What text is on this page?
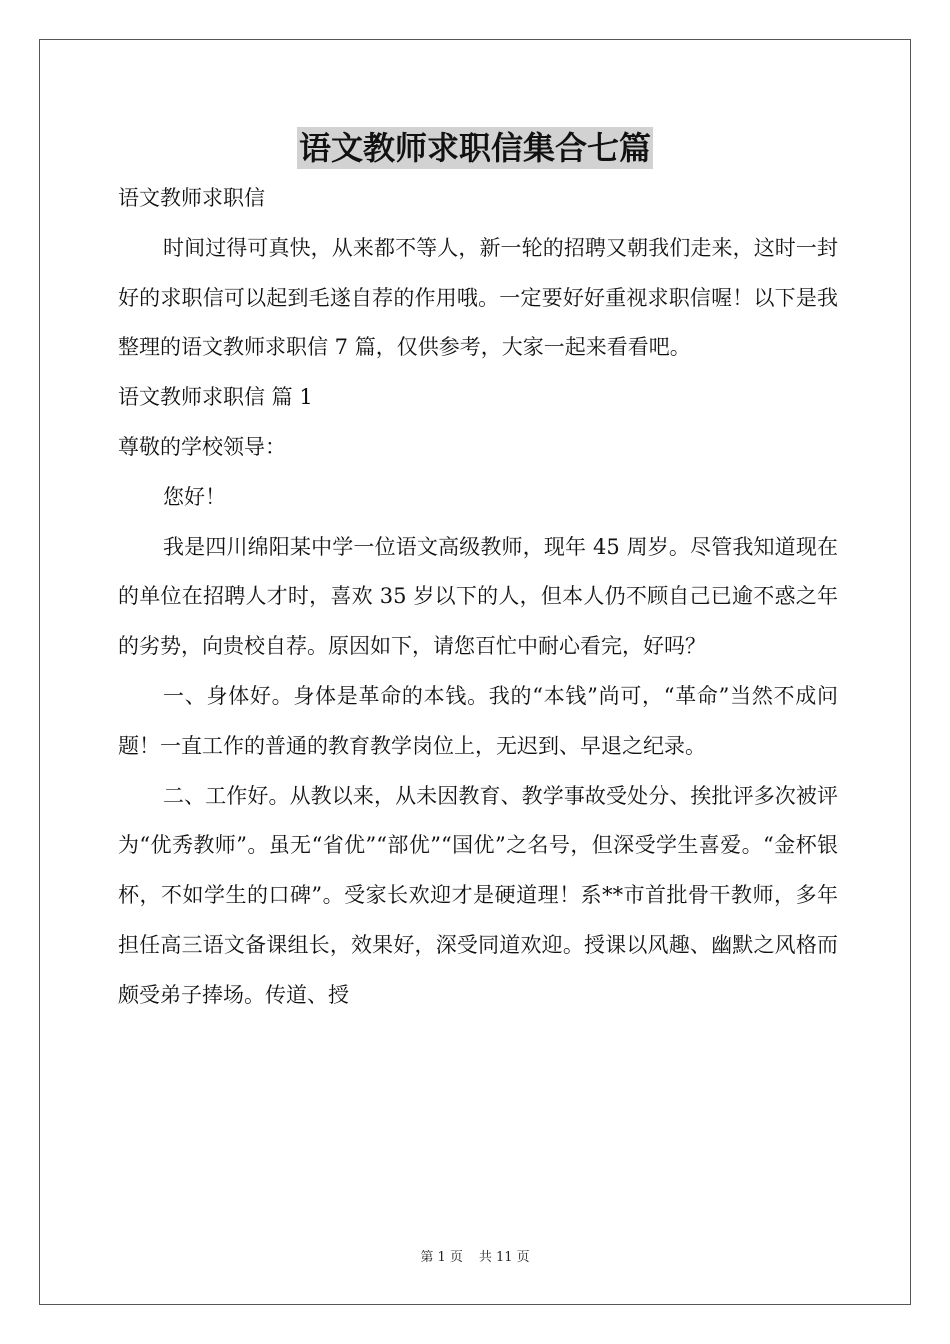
语文教师求职信集合七篇

语文教师求职信

时间过得可真快，从来都不等人，新一轮的招聘又朝我们走来，这时一封好的求职信可以起到毛遂自荐的作用哦。一定要好好重视求职信喔！以下是我整理的语文教师求职信 7 篇，仅供参考，大家一起来看看吧。

语文教师求职信 篇 1

尊敬的学校领导：

您好！

我是四川绵阳某中学一位语文高级教师，现年 45 周岁。尽管我知道现在的单位在招聘人才时，喜欢 35 岁以下的人，但本人仍不顾自己已逾不惑之年的劣势，向贵校自荐。原因如下，请您百忙中耐心看完，好吗？

一、身体好。身体是革命的本钱。我的“本钱”尚可，“革命”当然不成问题！一直工作的普通的教育教学岗位上，无迟到、早退之纪录。

二、工作好。从教以来，从未因教育、教学事故受处分、挨批评多次被评为“优秀教师”。虽无“省优”“部优”“国优”之名号，但深受学生喜爱。“金杯银杯，不如学生的口碑”。受家长欢迎才是硬道理！系**市首批骨干教师，多年担任高三语文备课组长，效果好，深受同道欢迎。授课以风趣、幽默之风格而颇受弟子捧场。传道、授

第 1 页 共 11 页
